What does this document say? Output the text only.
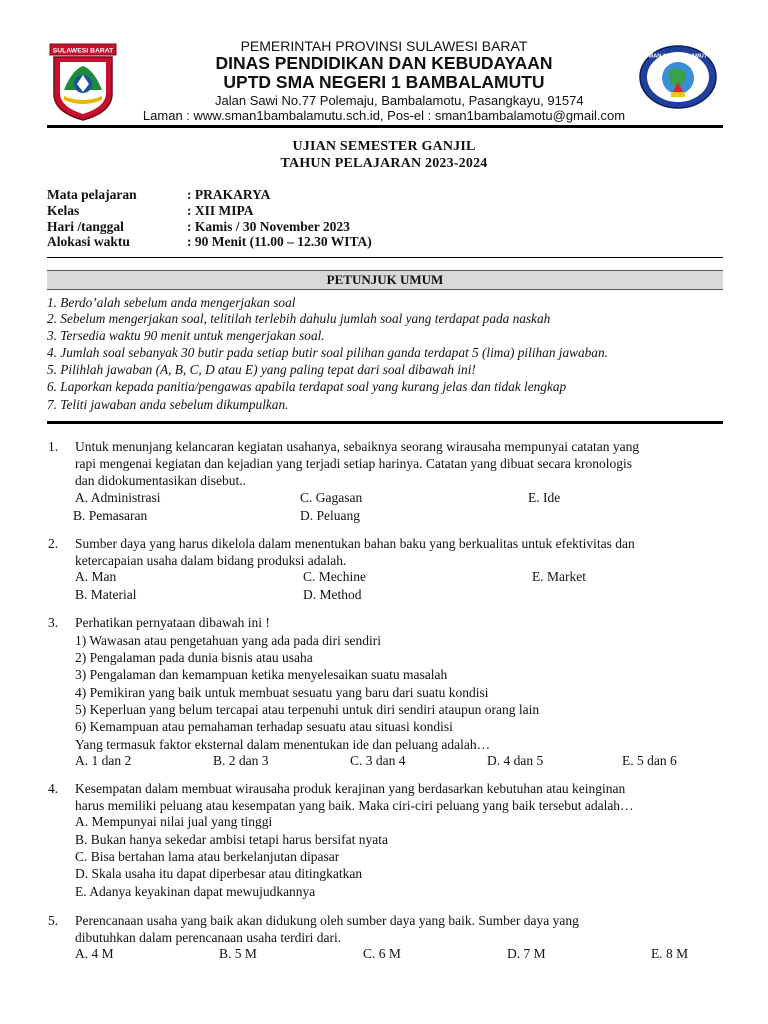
SULAWESI BARAT
SMAN 1 BAMBALAMUTU
PEMERINTAH PROVINSI SULAWESI BARAT
DINAS PENDIDIKAN DAN KEBUDAYAAN
UPTD SMA NEGERI 1 BAMBALAMUTU
Jalan Sawi No.77 Polemaju, Bambalamotu, Pasangkayu, 91574
Laman : www.sman1bambalamutu.sch.id, Pos-el : sman1bambalamotu@gmail.com
UJIAN SEMESTER GANJIL
TAHUN PELAJARAN 2023-2024
Mata pelajaran	: PRAKARYA
Kelas	: XII MIPA
Hari /tanggal	: Kamis / 30 November 2023
Alokasi waktu	: 90 Menit (11.00 – 12.30 WITA)
PETUNJUK UMUM
1. Berdo’alah sebelum anda mengerjakan soal
2. Sebelum mengerjakan soal, telitilah terlebih dahulu jumlah soal yang terdapat pada naskah
3. Tersedia waktu 90 menit untuk mengerjakan soal.
4. Jumlah soal sebanyak 30 butir pada setiap butir soal pilihan ganda terdapat 5 (lima) pilihan jawaban.
5. Pilihlah jawaban (A, B, C, D atau E) yang paling tepat dari soal dibawah ini!
6. Laporkan kepada panitia/pengawas apabila terdapat soal yang kurang jelas dan tidak lengkap
7. Teliti jawaban anda sebelum dikumpulkan.
1. Untuk menunjang kelancaran kegiatan usahanya, sebaiknya seorang wirausaha mempunyai catatan yang
rapi mengenai kegiatan dan kejadian yang terjadi setiap harinya. Catatan yang dibuat secara kronologis
dan didokumentasikan disebut..
A. Administrasi
B. Pemasaran
C. Gagasan
D. Peluang
E. Ide
2. Sumber daya yang harus dikelola dalam menentukan bahan baku yang berkualitas untuk efektivitas dan
ketercapaian usaha dalam bidang produksi adalah.
A. Man
B. Material
C. Mechine
D. Method
E. Market
3. Perhatikan pernyataan dibawah ini !
1) Wawasan atau pengetahuan yang ada pada diri sendiri
2) Pengalaman pada dunia bisnis atau usaha
3) Pengalaman dan kemampuan ketika menyelesaikan suatu masalah
4) Pemikiran yang baik untuk membuat sesuatu yang baru dari suatu kondisi
5) Keperluan yang belum tercapai atau terpenuhi untuk diri sendiri ataupun orang lain
6) Kemampuan atau pemahaman terhadap sesuatu atau situasi kondisi
Yang termasuk faktor eksternal dalam menentukan ide dan peluang adalah…
A. 1 dan 2	B. 2 dan 3	C. 3 dan 4	D. 4 dan 5	E. 5 dan 6
4. Kesempatan dalam membuat wirausaha produk kerajinan yang berdasarkan kebutuhan atau keinginan
harus memiliki peluang atau kesempatan yang baik. Maka ciri-ciri peluang yang baik tersebut adalah…
A. Mempunyai nilai jual yang tinggi
B. Bukan hanya sekedar ambisi tetapi harus bersifat nyata
C. Bisa bertahan lama atau berkelanjutan dipasar
D. Skala usaha itu dapat diperbesar atau ditingkatkan
E. Adanya keyakinan dapat mewujudkannya
5. Perencanaan usaha yang baik akan didukung oleh sumber daya yang baik. Sumber daya yang
dibutuhkan dalam perencanaan usaha terdiri dari.
A. 4 M	B. 5 M	C. 6 M	D. 7 M	E. 8 M
